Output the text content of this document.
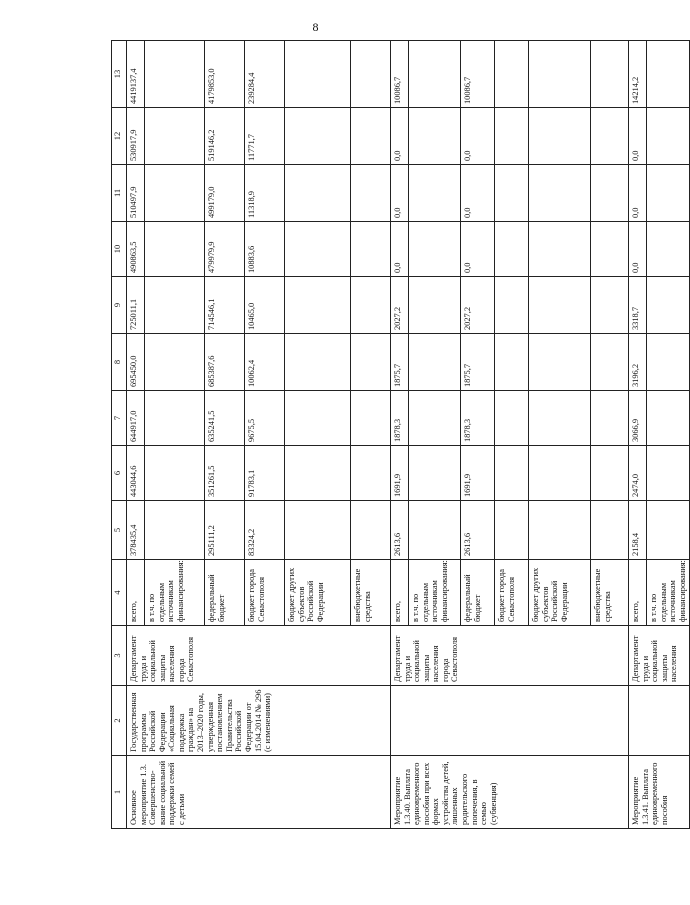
8
1	2	3	4	5	6	7	8	9	10	11	12	13
Основное мероприятие 1.3. Совершенство-вание социальной поддержки семей с детьми	Государственная программа Российской Федерации «Социальная поддержка граждан» на 2013–2020 годы, утвержденная постановлением Правительства Российской Федерации от 15.04.2014 № 296 (с изменениями)	Департамент труда и социальной защиты населения города Севастополя	всего,	378435,4	443044,6	644917,0	695450,0	725011,1	490863,5	510497,9	530917,9	4419137,4
			в т.ч. по отдельным источникам финансирования:									
			федеральный бюджет	295111,2	351261,5	635241,5	685387,6	714546,1	479979,9	499179,0	519146,2	4179853,0
			бюджет города Севастополя	83324,2	91783,1	9675,5	10062,4	10465,0	10883,6	11318,9	11771,7	239284,4
			бюджет других субъектов Российской Федерации									
			внебюджетные средства									
Мероприятие 1.3.40. Выплата единовременного пособия при всех формах устройства детей, лишенных родительского попечения, в семью (субвенция)		Департамент труда и социальной защиты населения города Севастополя	всего,	2613,6	1691,9	1878,3	1875,7	2027,2	0,0	0,0	0,0	10086,7
			в т.ч. по отдельным источникам финансирования:									
			федеральный бюджет	2613,6	1691,9	1878,3	1875,7	2027,2	0,0	0,0	0,0	10086,7
			бюджет города Севастополя									
			бюджет других субъектов Российской Федерации									
			внебюджетные средства									
Мероприятие 1.3.41. Выплата единовременного пособия		Департамент труда и социальной защиты населения	всего,	2158,4	2474,0	3066,9	3196,2	3318,7	0,0	0,0	0,0	14214,2
			в т.ч. по отдельным источникам финансирования:									
